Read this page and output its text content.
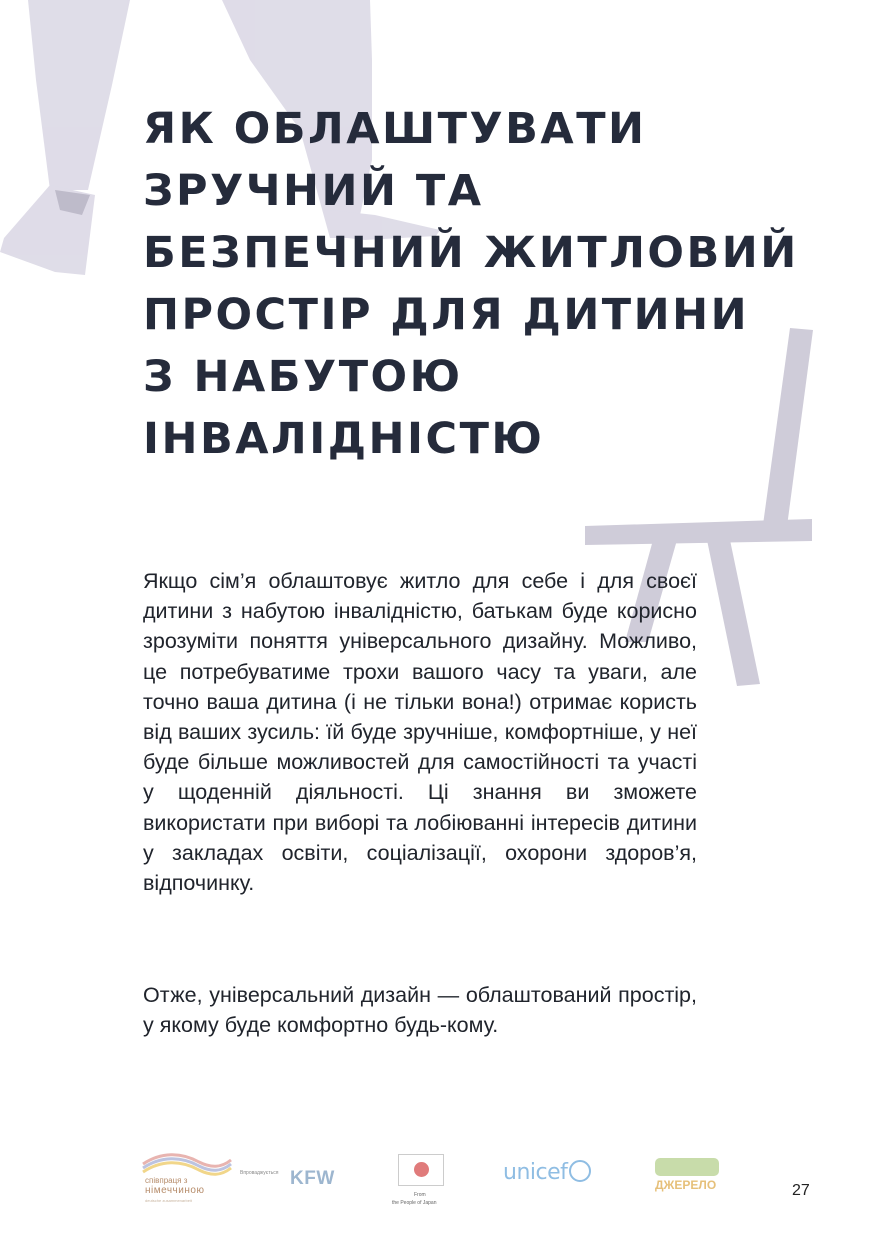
ЯК ОБЛАШТУВАТИ
ЗРУЧНИЙ ТА
БЕЗПЕЧНИЙ ЖИТЛОВИЙ
ПРОСТІР ДЛЯ ДИТИНИ
З НАБУТОЮ
ІНВАЛІДНІСТЮ

Якщо сім’я облаштовує житло для себе і для своєї дитини з набутою інвалідністю, батькам буде корисно зрозуміти поняття універсального дизайну. Можливо, це потребуватиме трохи вашого часу та уваги, але точно ваша дитина (і не тільки вона!) отримає користь від ваших зусиль: їй буде зручніше, комфортніше, у неї буде більше можливостей для самостійності та участі у щоденній діяльності. Ці знання ви зможете використати при виборі та лобіюванні інтересів дитини у закладах освіти, соціалізації, охорони здоров’я, відпочинку.

Отже, універсальний дизайн — облаштований простір, у якому буде комфортно будь-кому.

співпраця з
німеччиною
deutsche zusammenarbeit
Впроваджується KFW
From
the People of Japan
unicef	ДЖЕРЕЛО	27
